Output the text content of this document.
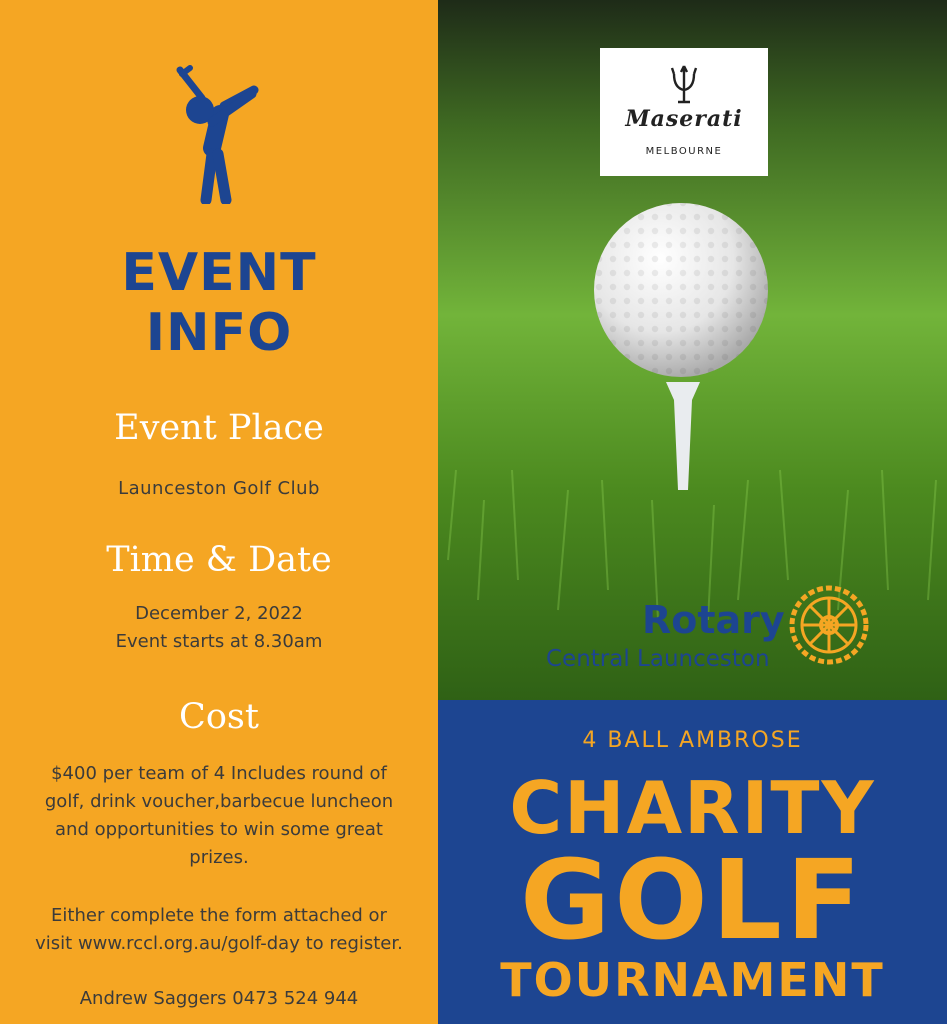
EVENT
INFO
Event Place
Launceston Golf Club
Time & Date
December 2, 2022
Event starts at 8.30am
Cost
$400 per team of 4 Includes round of golf, drink voucher,barbecue luncheon and opportunities to win some great prizes.
Either complete the form attached or visit www.rccl.org.au/golf-day to register.
Andrew Saggers 0473 524 944
Maserati
MELBOURNE
Rotary
Central Launceston
4 BALL AMBROSE
CHARITY
GOLF
TOURNAMENT
